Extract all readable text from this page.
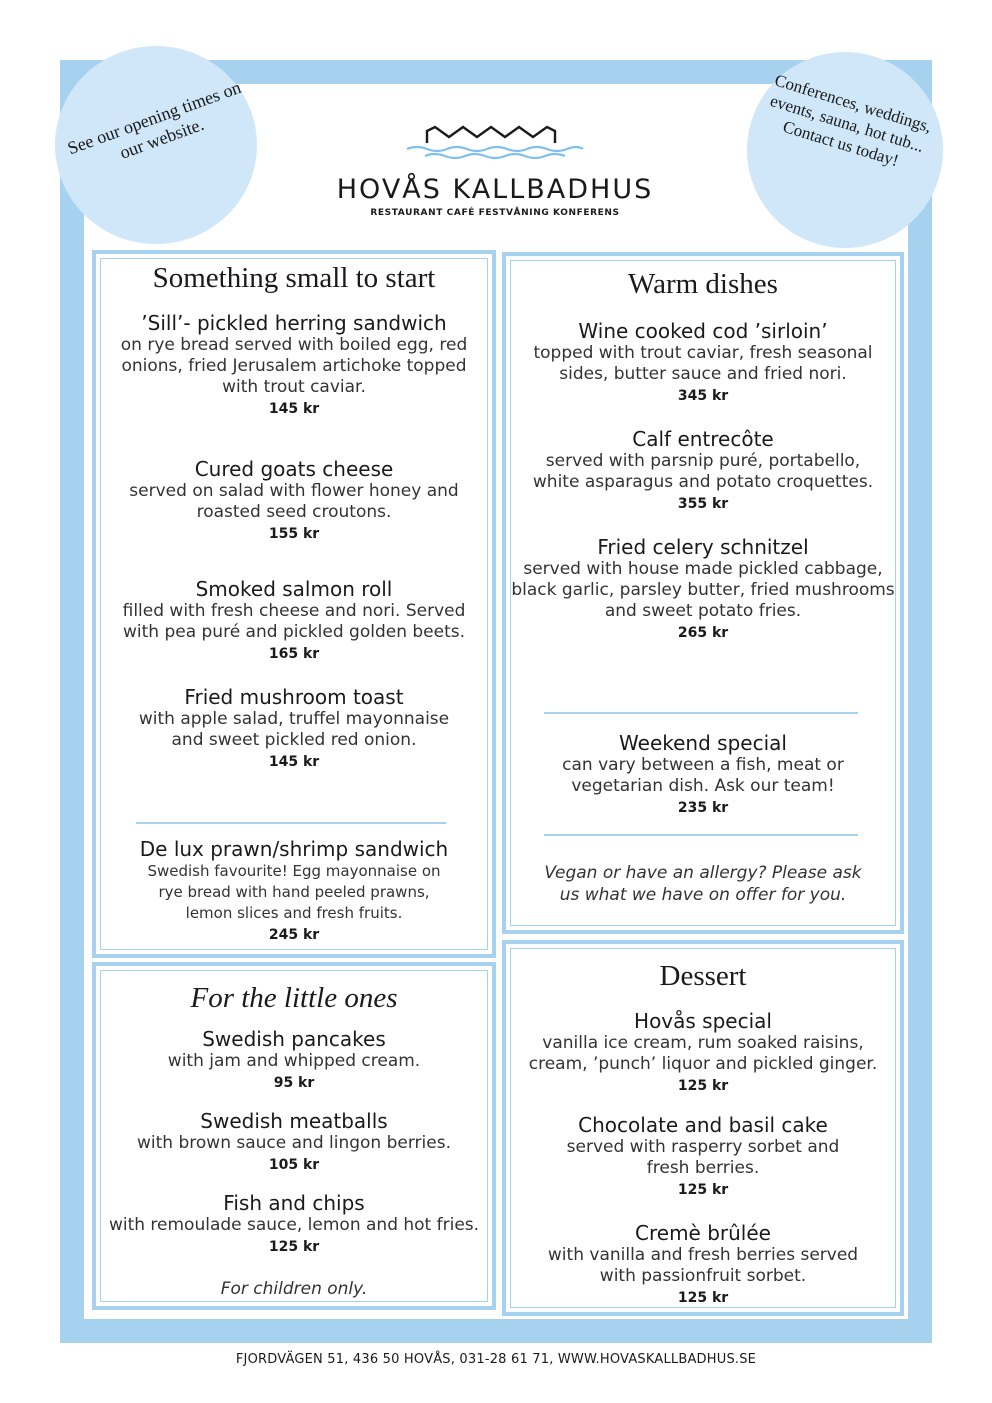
See our opening times on our website.
Conferences, weddings, events, sauna, hot tub... Contact us today!
HOVÅS KALLBADHUS
RESTAURANT CAFÉ FESTVÅNING KONFERENS
Something small to start
’Sill’- pickled herring sandwich
on rye bread served with boiled egg, red onions, fried Jerusalem artichoke topped with trout caviar.
145 kr
Cured goats cheese
served on salad with flower honey and roasted seed croutons.
155 kr
Smoked salmon roll
filled with fresh cheese and nori. Served with pea puré and pickled golden beets.
165 kr
Fried mushroom toast
with apple salad, truffel mayonnaise and sweet pickled red onion.
145 kr
De lux prawn/shrimp sandwich
Swedish favourite! Egg mayonnaise on rye bread with hand peeled prawns, lemon slices and fresh fruits.
245 kr
Warm dishes
Wine cooked cod ’sirloin’
topped with trout caviar, fresh seasonal sides, butter sauce and fried nori.
345 kr
Calf entrecôte
served with parsnip puré, portabello, white asparagus and potato croquettes.
355 kr
Fried celery schnitzel
served with house made pickled cabbage, black garlic, parsley butter, fried mushrooms and sweet potato fries.
265 kr
Weekend special
can vary between a fish, meat or vegetarian dish. Ask our team!
235 kr
Vegan or have an allergy? Please ask us what we have on offer for you.
For the little ones
Swedish pancakes
with jam and whipped cream.
95 kr
Swedish meatballs
with brown sauce and lingon berries.
105 kr
Fish and chips
with remoulade sauce, lemon and hot fries.
125 kr
For children only.
Dessert
Hovås special
vanilla ice cream, rum soaked raisins, cream, ’punch’ liquor and pickled ginger.
125 kr
Chocolate and basil cake
served with rasperry sorbet and fresh berries.
125 kr
Cremè brûlée
with vanilla and fresh berries served with passionfruit sorbet.
125 kr
FJORDVÄGEN 51, 436 50 HOVÅS, 031-28 61 71, WWW.HOVASKALLBADHUS.SE
